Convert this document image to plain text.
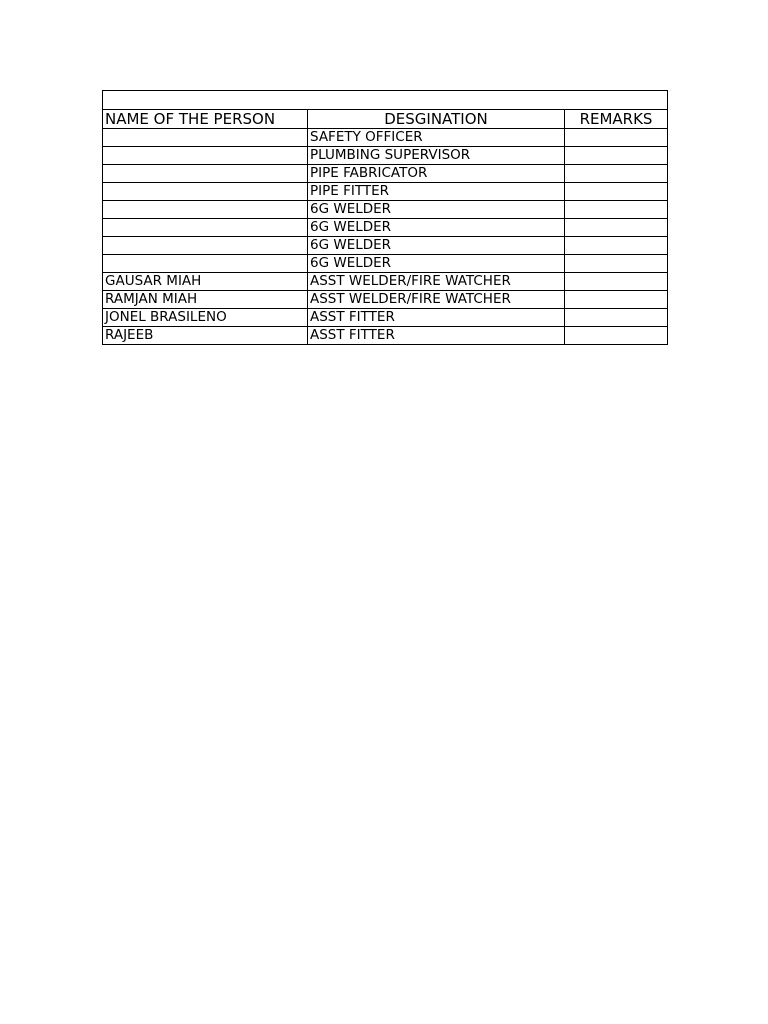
NAME OF THE PERSON	DESGINATION	REMARKS
	SAFETY OFFICER	
	PLUMBING SUPERVISOR	
	PIPE FABRICATOR	
	PIPE FITTER	
	6G WELDER	
	6G WELDER	
	6G WELDER	
	6G WELDER	
GAUSAR MIAH	ASST WELDER/FIRE WATCHER	
RAMJAN MIAH	ASST WELDER/FIRE WATCHER	
JONEL BRASILENO	ASST FITTER	
RAJEEB	ASST FITTER	
